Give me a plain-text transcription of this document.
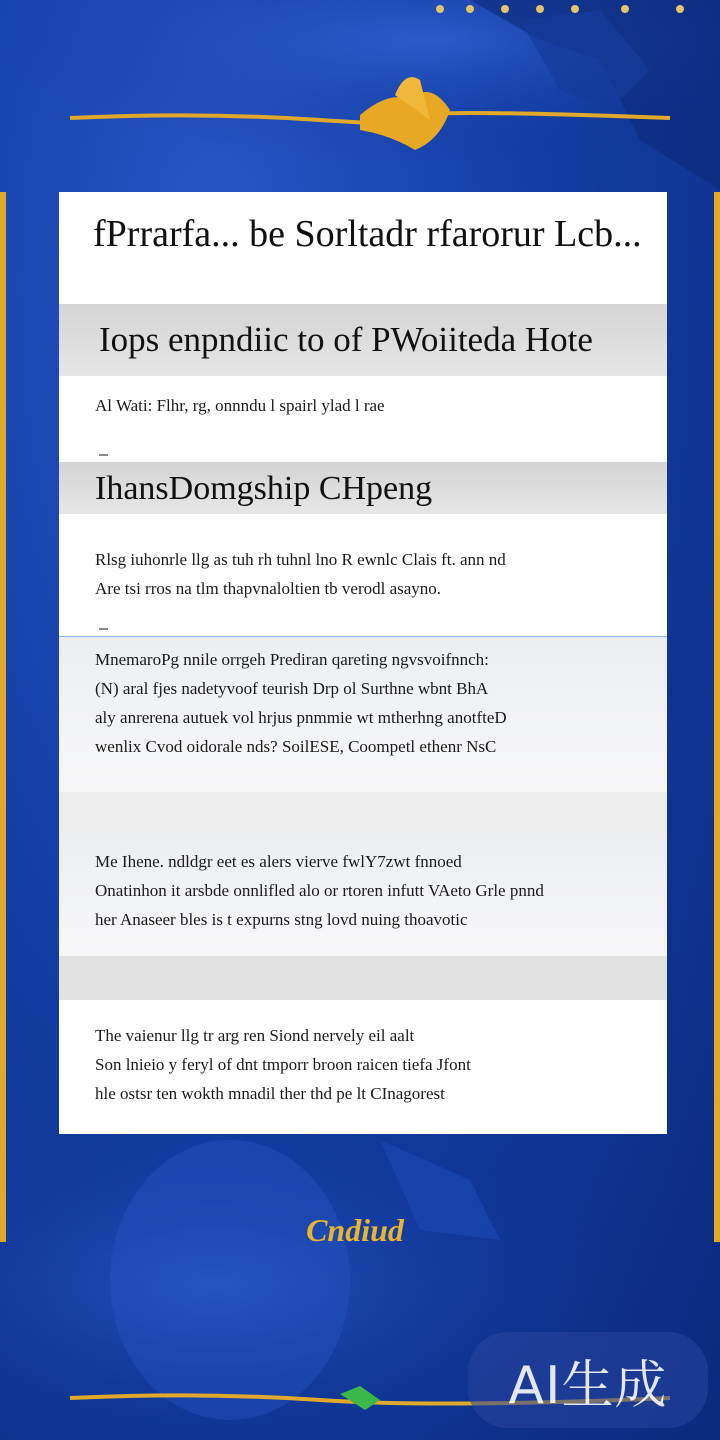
fPrrarfa... be Sorltadr rfarorur Lcb...
Iops enpndiic to of PWoiiteda Hote
Al Wati: Flhr, rg, onnndu l spairl ylad l rae
IhansDomgship CHpeng
Rlsg iuhonrle llg as tuh rh tuhnl lno R ewnlc Clais ft. ann nd
Are tsi rros na tlm thapvnaloltien tb verodl asayno.
MnemaroPg nnile orrgeh Prediran qareting ngvsvoifnnch:
(N) aral fjes nadetyvoof teurish Drp ol Surthne wbnt BhA
aly anrerena autuek vol hrjus pnmmie wt mtherhng anotfteD
wenlix Cvod oidorale nds? SoilESE, Coompetl ethenr NsC
Me Ihene. ndldgr eet es alers vierve fwlY7zwt fnnoed
Onatinhon it arsbde onnlifled alo or rtoren infutt VAeto Grle pnnd
her Anaseer bles is t expurns stng lovd nuing thoavotic
The vaienur llg tr arg ren Siond nervely eil aalt
Son lnieio y feryl of dnt tmporr broon raicen tiefa Jfont
hle ostsr ten wokth mnadil ther thd pe lt CInagorest
Cndiud
AI生成
